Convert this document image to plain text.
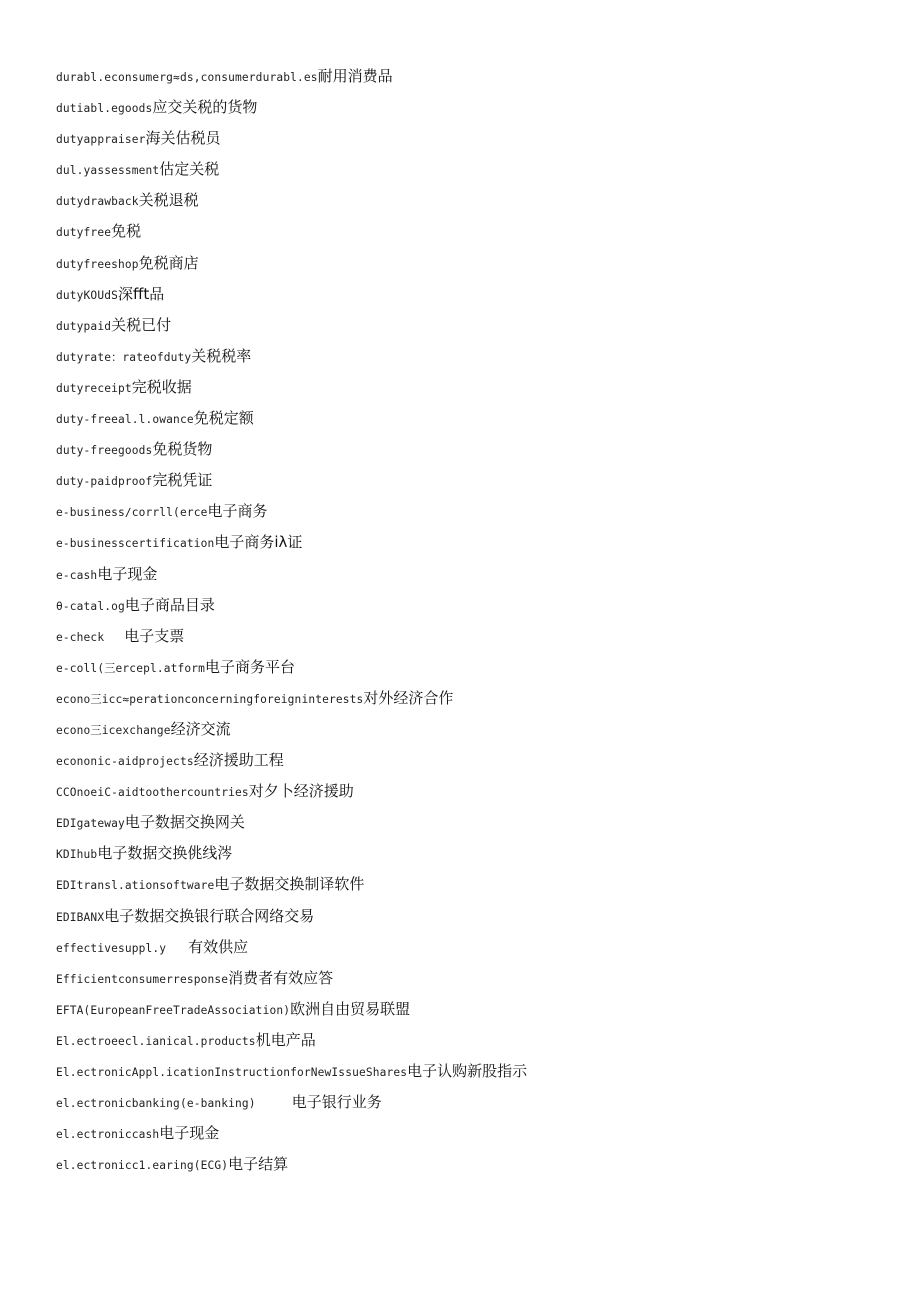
durabl.econsumerg≈ds,consumerdurabl.es耐用消费品
dutiabl.egoods应交关税的货物
dutyappraiser海关估税员
dul.yassessment估定关税
dutydrawback关税退税
dutyfree免税
dutyfreeshop免税商店
dutyKOUdS深fft品
dutypaid关税已付
dutyrate：rateofduty关税税率
dutyreceipt完税收据
duty-freeal.l.owance免税定额
duty-freegoods免税货物
duty-paidproof完税凭证
e-business∕corrll(erce电子商务
e-businesscertification电子商务iλ证
e-cash电子现金
θ-catal.og电子商品目录
e-check 电子支票
e-coll(三ercepl.atform电子商务平台
econo三icc≈perationconcerningforeigninterests对外经济合作
econo三icexchange经济交流
econonic-aidprojects经济援助工程
CCOnoeiC-aidtoothercountries对夕卜经济援助
EDIgateway电子数据交换网关
KDIhub电子数据交换佻线涔
EDItransl.ationsoftware电子数据交换制译软件
EDIBANX电子数据交换银行联合网络交易
effectivesuppl.y 有效供应
Efficientconsumerresponse消费者有效应答
EFTA(EuropeanFreeTradeAssociation)欧洲自由贸易联盟
El.ectroeecl.ianical.products机电产品
El.ectronicAppl.icationInstructionforNewIssueShares电子认购新股指示
el.ectronicbanking(e-banking) 电子银行业务
el.ectroniccash电子现金
el.ectronicc1.earing(ECG)电子结算
